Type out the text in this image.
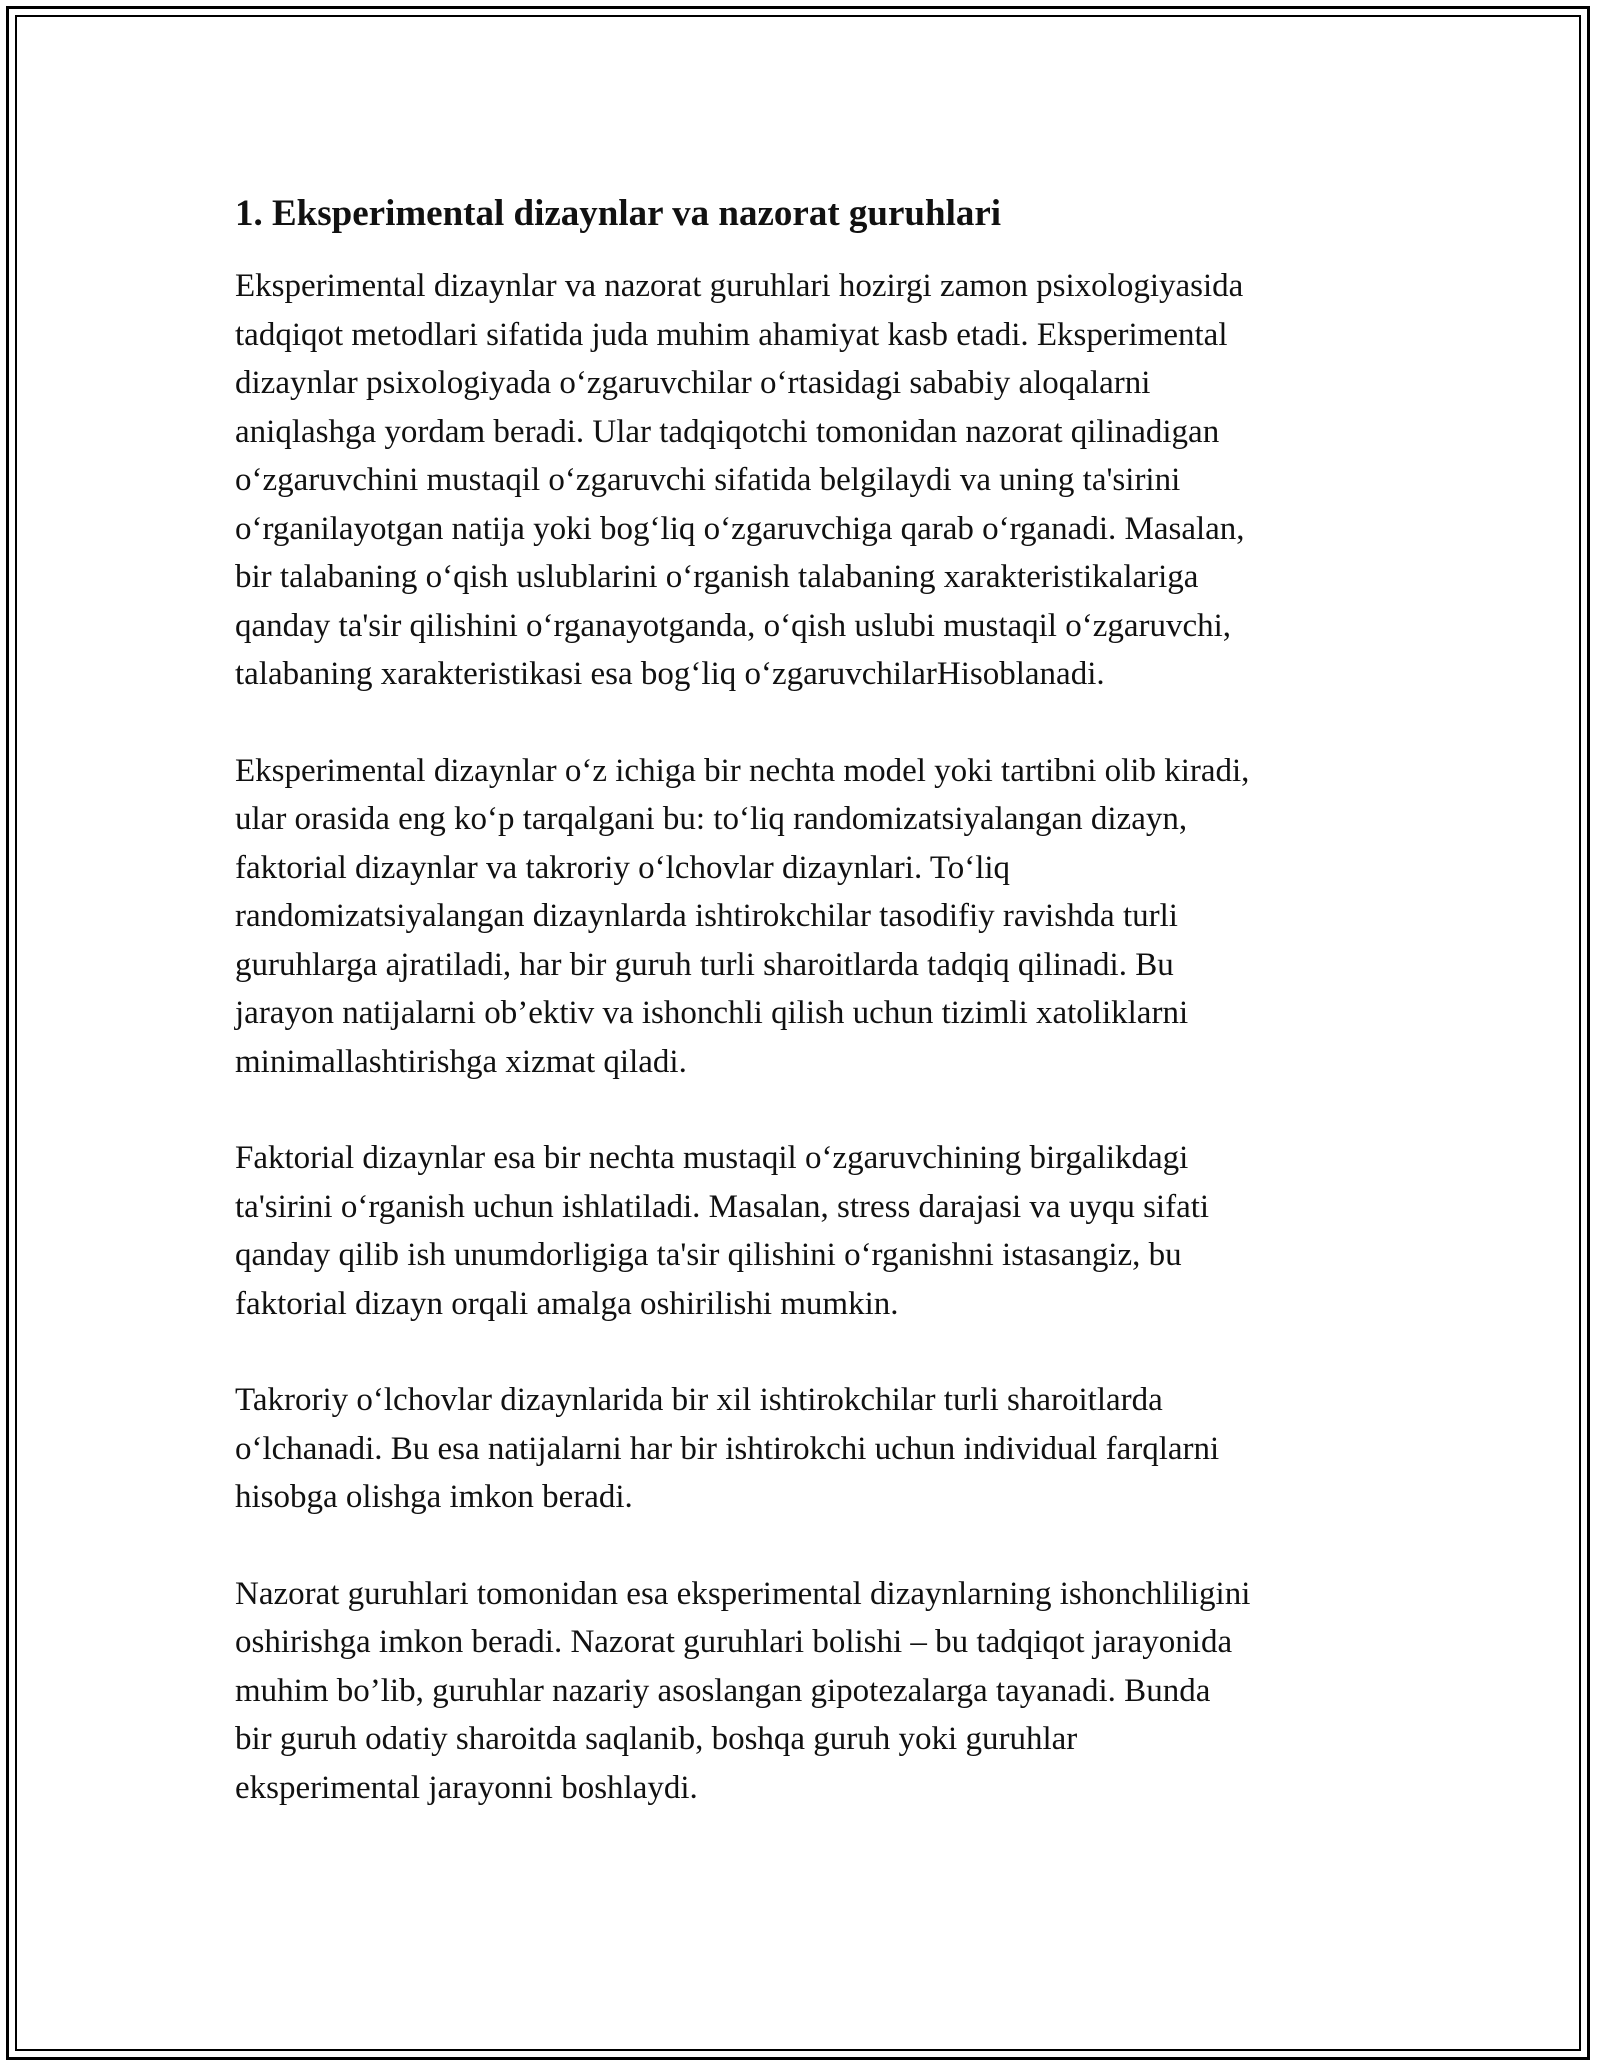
1. Eksperimental dizaynlar va nazorat guruhlari

Eksperimental dizaynlar va nazorat guruhlari hozirgi zamon psixologiyasida
tadqiqot metodlari sifatida juda muhim ahamiyat kasb etadi. Eksperimental
dizaynlar psixologiyada o‘zgaruvchilar o‘rtasidagi sababiy aloqalarni
aniqlashga yordam beradi. Ular tadqiqotchi tomonidan nazorat qilinadigan
o‘zgaruvchini mustaqil o‘zgaruvchi sifatida belgilaydi va uning ta'sirini
o‘rganilayotgan natija yoki bog‘liq o‘zgaruvchiga qarab o‘rganadi. Masalan,
bir talabaning o‘qish uslublarini o‘rganish talabaning xarakteristikalariga
qanday ta'sir qilishini o‘rganayotganda, o‘qish uslubi mustaqil o‘zgaruvchi,
talabaning xarakteristikasi esa bog‘liq o‘zgaruvchilarHisoblanadi.

Eksperimental dizaynlar o‘z ichiga bir nechta model yoki tartibni olib kiradi,
ular orasida eng ko‘p tarqalgani bu: to‘liq randomizatsiyalangan dizayn,
faktorial dizaynlar va takroriy o‘lchovlar dizaynlari. To‘liq
randomizatsiyalangan dizaynlarda ishtirokchilar tasodifiy ravishda turli
guruhlarga ajratiladi, har bir guruh turli sharoitlarda tadqiq qilinadi. Bu
jarayon natijalarni ob’ektiv va ishonchli qilish uchun tizimli xatoliklarni
minimallashtirishga xizmat qiladi.

Faktorial dizaynlar esa bir nechta mustaqil o‘zgaruvchining birgalikdagi
ta'sirini o‘rganish uchun ishlatiladi. Masalan, stress darajasi va uyqu sifati
qanday qilib ish unumdorligiga ta'sir qilishini o‘rganishni istasangiz, bu
faktorial dizayn orqali amalga oshirilishi mumkin.

Takroriy o‘lchovlar dizaynlarida bir xil ishtirokchilar turli sharoitlarda
o‘lchanadi. Bu esa natijalarni har bir ishtirokchi uchun individual farqlarni
hisobga olishga imkon beradi.

Nazorat guruhlari tomonidan esa eksperimental dizaynlarning ishonchliligini
oshirishga imkon beradi. Nazorat guruhlari bolishi – bu tadqiqot jarayonida
muhim bo’lib, guruhlar nazariy asoslangan gipotezalarga tayanadi. Bunda
bir guruh odatiy sharoitda saqlanib, boshqa guruh yoki guruhlar
eksperimental jarayonni boshlaydi.
